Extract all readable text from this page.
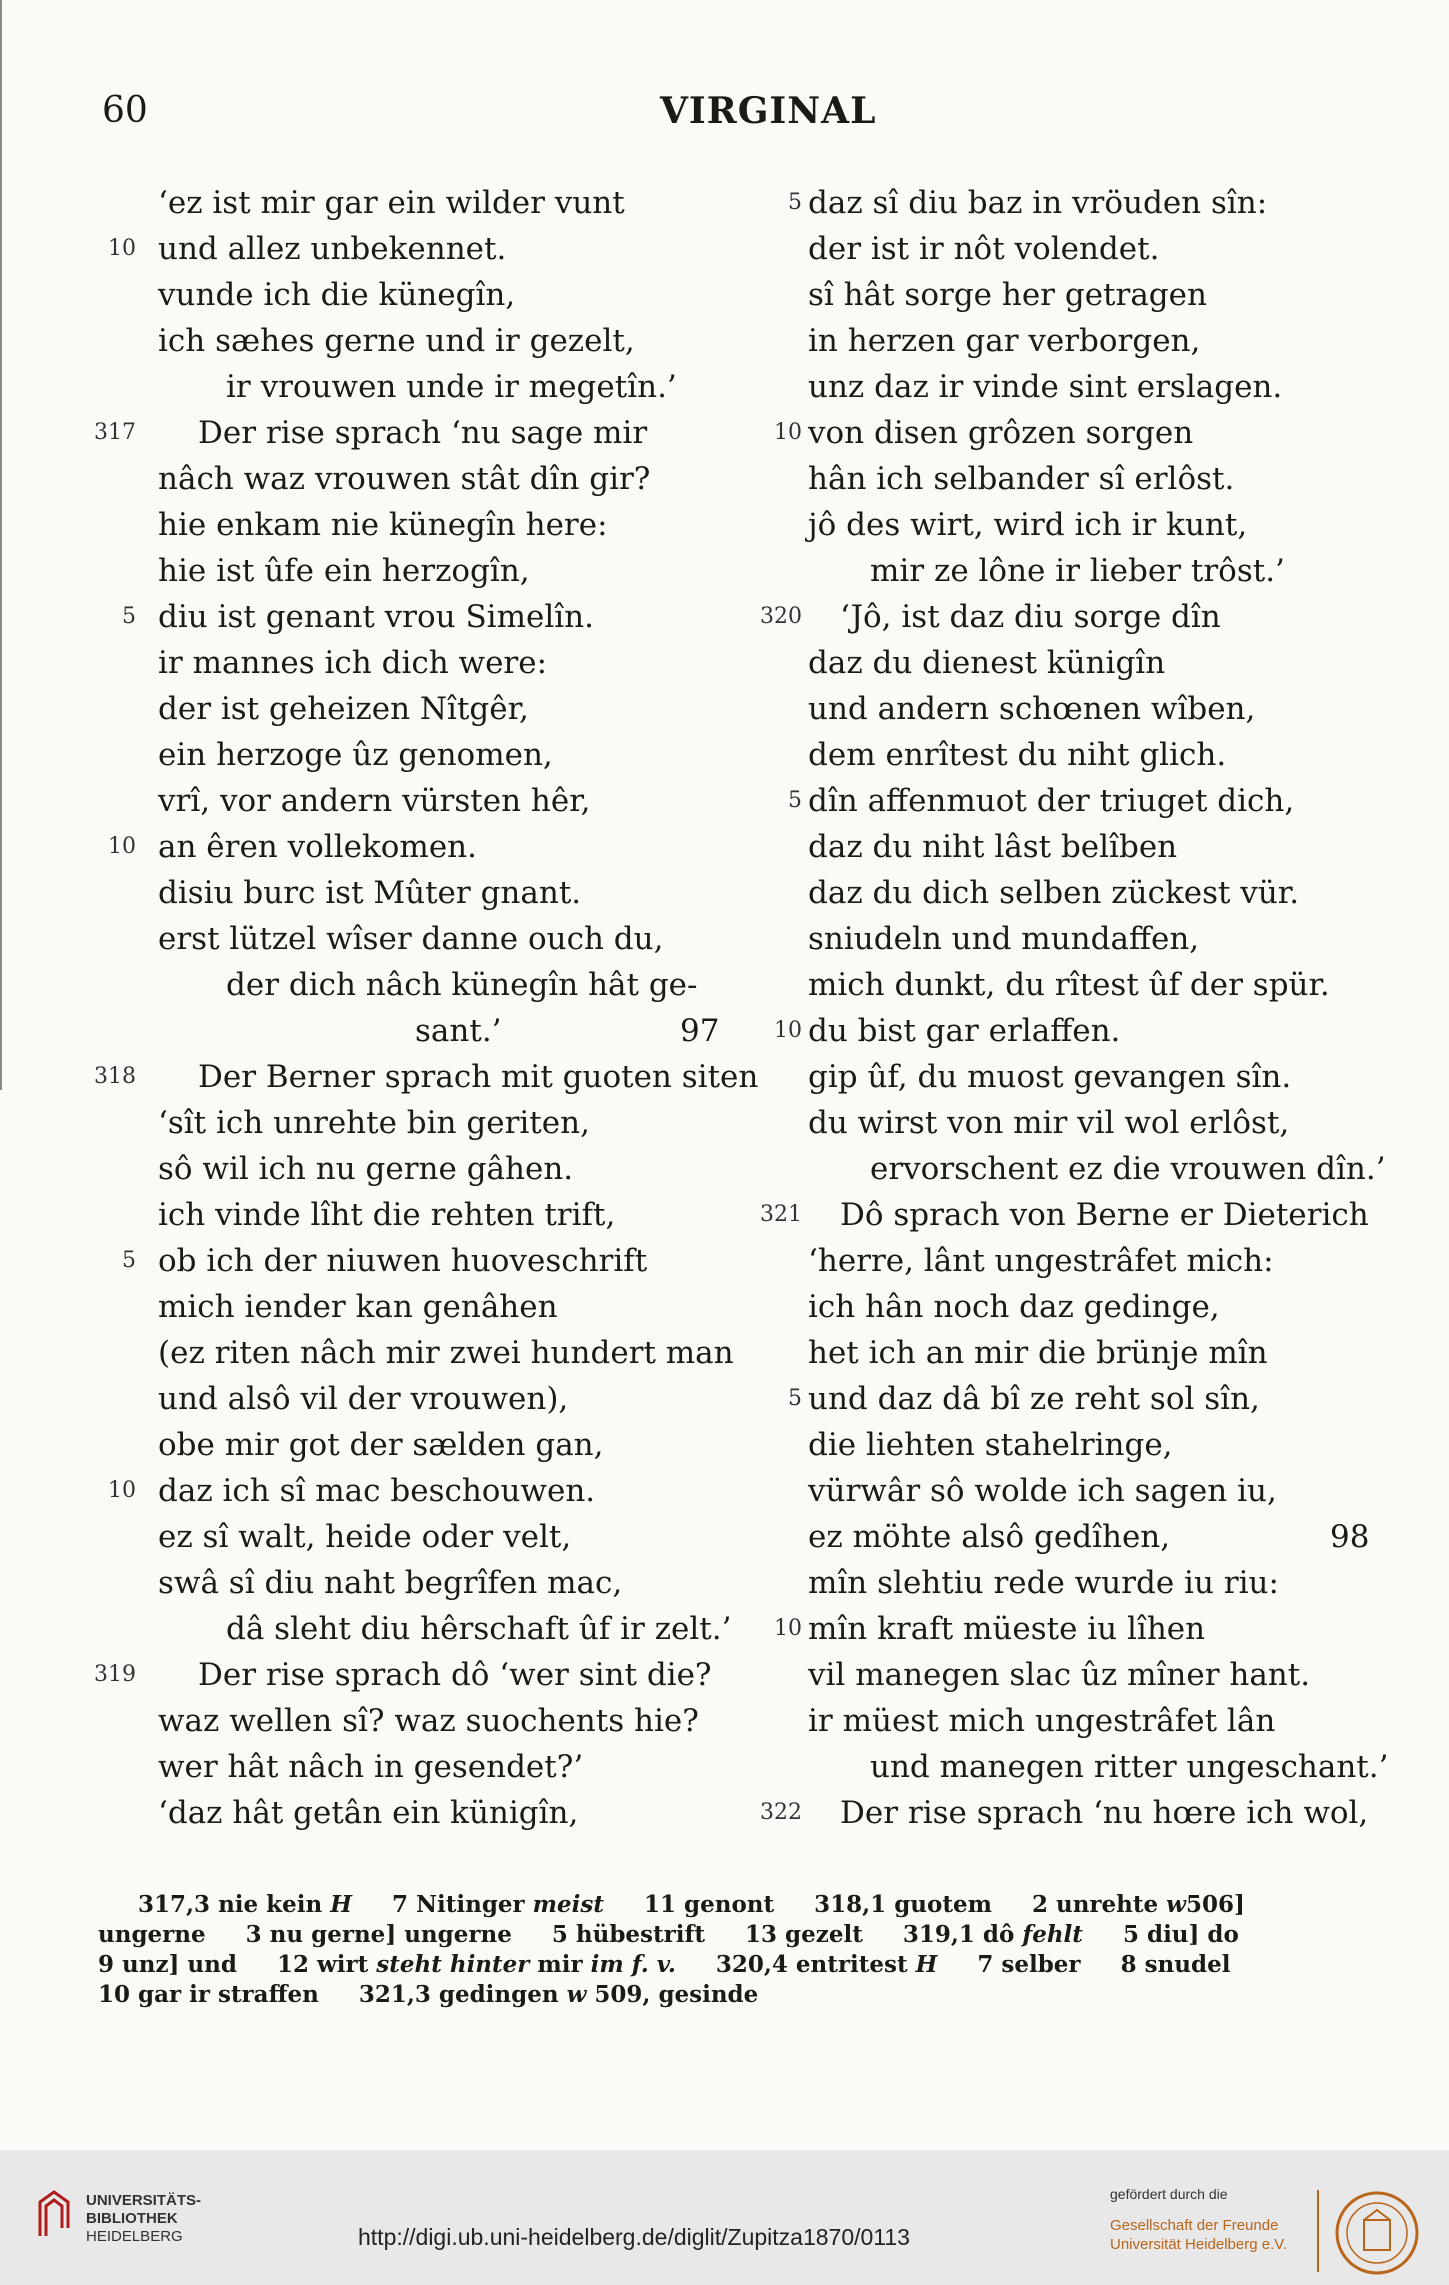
60	VIRGINAL
‘ez ist mir gar ein wilder vunt
10 und allez unbekennet.
vunde ich die künegîn,
ich sæhes gerne und ir gezelt,
ir vrouwen unde ir megetîn.’
317 Der rise sprach ‘nu sage mir
nâch waz vrouwen stât dîn gir?
hie enkam nie künegîn here:
hie ist ûfe ein herzogîn,
5 diu ist genant vrou Simelîn.
ir mannes ich dich were:
der ist geheizen Nîtgêr,
ein herzoge ûz genomen,
vrî, vor andern vürsten hêr,
10 an êren vollekomen.
disiu burc ist Mûter gnant.
erst lützel wîser danne ouch du,
der dich nâch künegîn hât ge-
sant.’	97
318 Der Berner sprach mit guoten siten
‘sît ich unrehte bin geriten,
sô wil ich nu gerne gâhen.
ich vinde lîht die rehten trift,
5 ob ich der niuwen huoveschrift
mich iender kan genâhen
(ez riten nâch mir zwei hundert man
und alsô vil der vrouwen),
obe mir got der sælden gan,
10 daz ich sî mac beschouwen.
ez sî walt, heide oder velt,
swâ sî diu naht begrîfen mac,
dâ sleht diu hêrschaft ûf ir zelt.’
319 Der rise sprach dô ‘wer sint die?
waz wellen sî? waz suochents hie?
wer hât nâch in gesendet?’
‘daz hât getân ein künigîn,
5 daz sî diu baz in vröuden sîn:
der ist ir nôt volendet.
sî hât sorge her getragen
in herzen gar verborgen,
unz daz ir vinde sint erslagen.
10 von disen grôzen sorgen
hân ich selbander sî erlôst.
jô des wirt, wird ich ir kunt,
mir ze lône ir lieber trôst.’
320 ‘Jô, ist daz diu sorge dîn
daz du dienest künigîn
und andern schœnen wîben,
dem enrîtest du niht glich.
5 dîn affenmuot der triuget dich,
daz du niht lâst belîben
daz du dich selben zückest vür.
sniudeln und mundaffen,
mich dunkt, du rîtest ûf der spür.
10 du bist gar erlaffen.
gip ûf, du muost gevangen sîn.
du wirst von mir vil wol erlôst,
ervorschent ez die vrouwen dîn.’
321 Dô sprach von Berne er Dieterich
‘herre, lânt ungestrâfet mich:
ich hân noch daz gedinge,
het ich an mir die brünje mîn
5 und daz dâ bî ze reht sol sîn,
die liehten stahelringe,
vürwâr sô wolde ich sagen iu,
ez möhte alsô gedîhen,	98
mîn slehtiu rede wurde iu riu:
10 mîn kraft müeste iu lîhen
vil manegen slac ûz mîner hant.
ir müest mich ungestrâfet lân
und manegen ritter ungeschant.’
322 Der rise sprach ‘nu hœre ich wol,
317,3 nie kein H     7 Nitinger meist     11 genont     318,1 guotem     2 unrehte w506]
ungerne     3 nu gerne] ungerne     5 hübestrift     13 gezelt     319,1 dô fehlt     5 diu] do
9 unz] und     12 wirt steht hinter mir im f. v.     320,4 entritest H     7 selber     8 snudel
10 gar ir straffen     321,3 gedingen w 509, gesinde
UNIVERSITÄTS-
BIBLIOTHEK
HEIDELBERG	http://digi.ub.uni-heidelberg.de/diglit/Zupitza1870/0113
gefördert durch die
Gesellschaft der Freunde
Universität Heidelberg e.V.
